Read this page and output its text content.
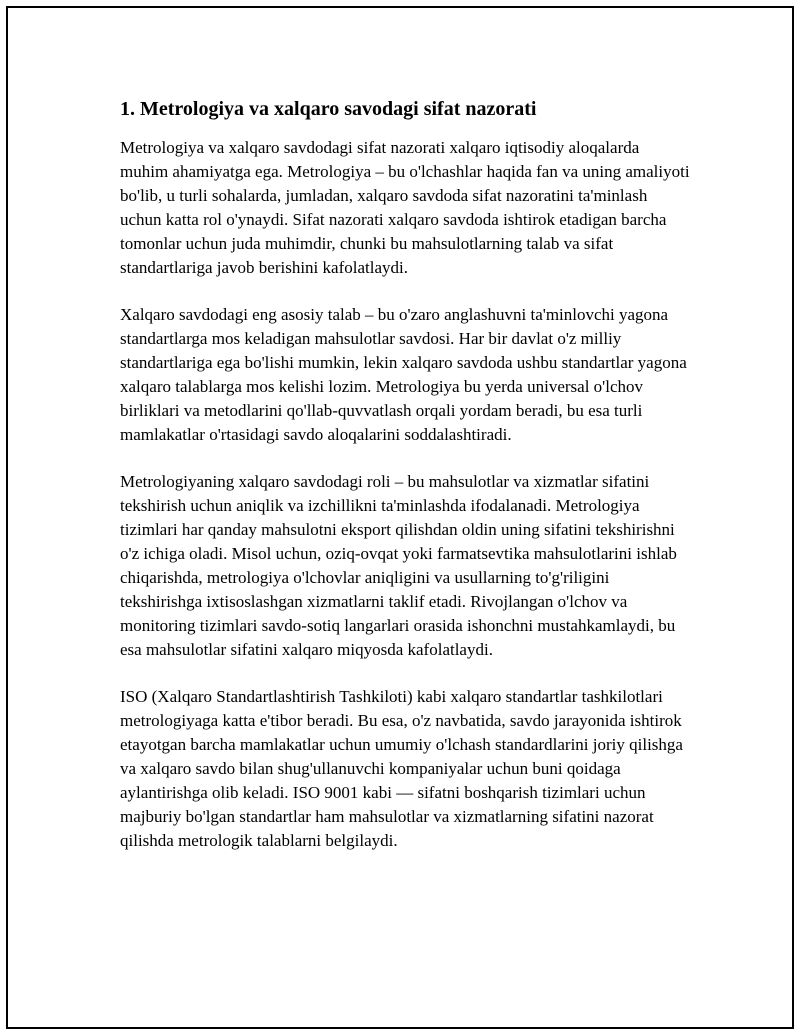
1. Metrologiya va xalqaro savodagi sifat nazorati

Metrologiya va xalqaro savdodagi sifat nazorati xalqaro iqtisodiy aloqalarda muhim ahamiyatga ega. Metrologiya – bu o'lchashlar haqida fan va uning amaliyoti bo'lib, u turli sohalarda, jumladan, xalqaro savdoda sifat nazoratini ta'minlash uchun katta rol o'ynaydi. Sifat nazorati xalqaro savdoda ishtirok etadigan barcha tomonlar uchun juda muhimdir, chunki bu mahsulotlarning talab va sifat standartlariga javob berishini kafolatlaydi.

Xalqaro savdodagi eng asosiy talab – bu o'zaro anglashuvni ta'minlovchi yagona standartlarga mos keladigan mahsulotlar savdosi. Har bir davlat o'z milliy standartlariga ega bo'lishi mumkin, lekin xalqaro savdoda ushbu standartlar yagona xalqaro talablarga mos kelishi lozim. Metrologiya bu yerda universal o'lchov birliklari va metodlarini qo'llab-quvvatlash orqali yordam beradi, bu esa turli mamlakatlar o'rtasidagi savdo aloqalarini soddalashtiradi.

Metrologiyaning xalqaro savdodagi roli – bu mahsulotlar va xizmatlar sifatini tekshirish uchun aniqlik va izchillikni ta'minlashda ifodalanadi. Metrologiya tizimlari har qanday mahsulotni eksport qilishdan oldin uning sifatini tekshirishni o'z ichiga oladi. Misol uchun, oziq-ovqat yoki farmatsevtika mahsulotlarini ishlab chiqarishda, metrologiya o'lchovlar aniqligini va usullarning to'g'riligini tekshirishga ixtisoslashgan xizmatlarni taklif etadi. Rivojlangan o'lchov va monitoring tizimlari savdo-sotiq langarlari orasida ishonchni mustahkamlaydi, bu esa mahsulotlar sifatini xalqaro miqyosda kafolatlaydi.

ISO (Xalqaro Standartlashtirish Tashkiloti) kabi xalqaro standartlar tashkilotlari metrologiyaga katta e'tibor beradi. Bu esa, o'z navbatida, savdo jarayonida ishtirok etayotgan barcha mamlakatlar uchun umumiy o'lchash standardlarini joriy qilishga va xalqaro savdo bilan shug'ullanuvchi kompaniyalar uchun buni qoidaga aylantirishga olib keladi. ISO 9001 kabi — sifatni boshqarish tizimlari uchun majburiy bo'lgan standartlar ham mahsulotlar va xizmatlarning sifatini nazorat qilishda metrologik talablarni belgilaydi.
